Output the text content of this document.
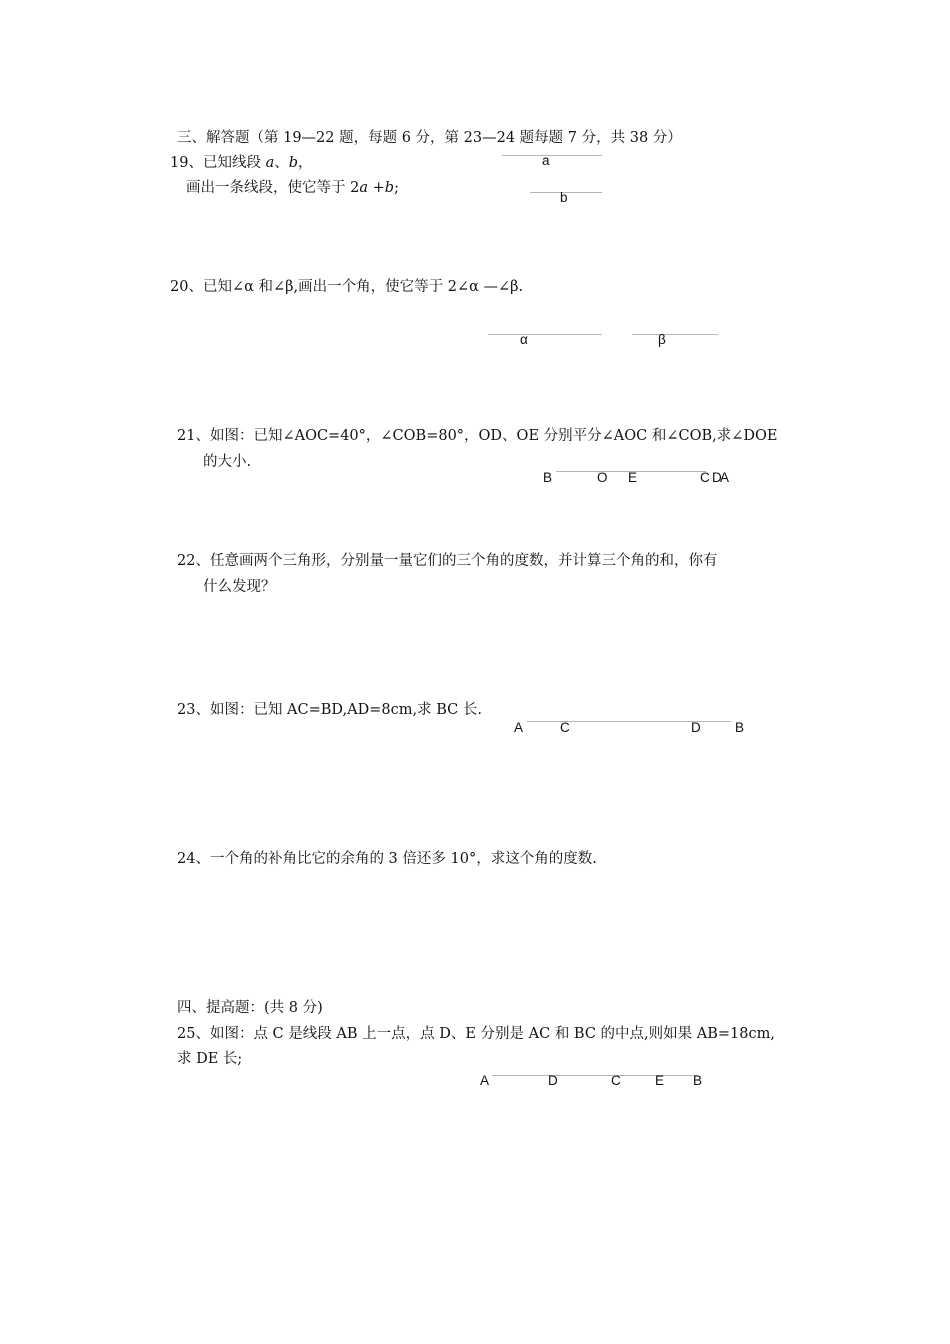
三、解答题（第 19—22 题，每题 6 分，第 23—24 题每题 7 分，共 38 分）
19、已知线段 a、b，
画出一条线段，使它等于 2a +b;
a
b
20、已知∠α 和∠β,画出一个角，使它等于 2∠α —∠β.
α	β
21、如图：已知∠AOC=40°，∠COB=80°，OD、OE 分别平分∠AOC 和∠COB,求∠DOE
的大小.
B	O E	C D
A
22、任意画两个三角形，分别量一量它们的三个角的度数，并计算三个角的和，你有
什么发现？
23、如图：已知 AC=BD,AD=8cm,求 BC 长.
A	C	D	B
24、一个角的补角比它的余角的 3 倍还多 10°，求这个角的度数.
四、提高题：(共 8 分)
25、如图：点 C 是线段 AB 上一点，点 D、E 分别是 AC 和 BC 的中点,则如果 AB=18cm,
求 DE 长;
A	D	C	E B
